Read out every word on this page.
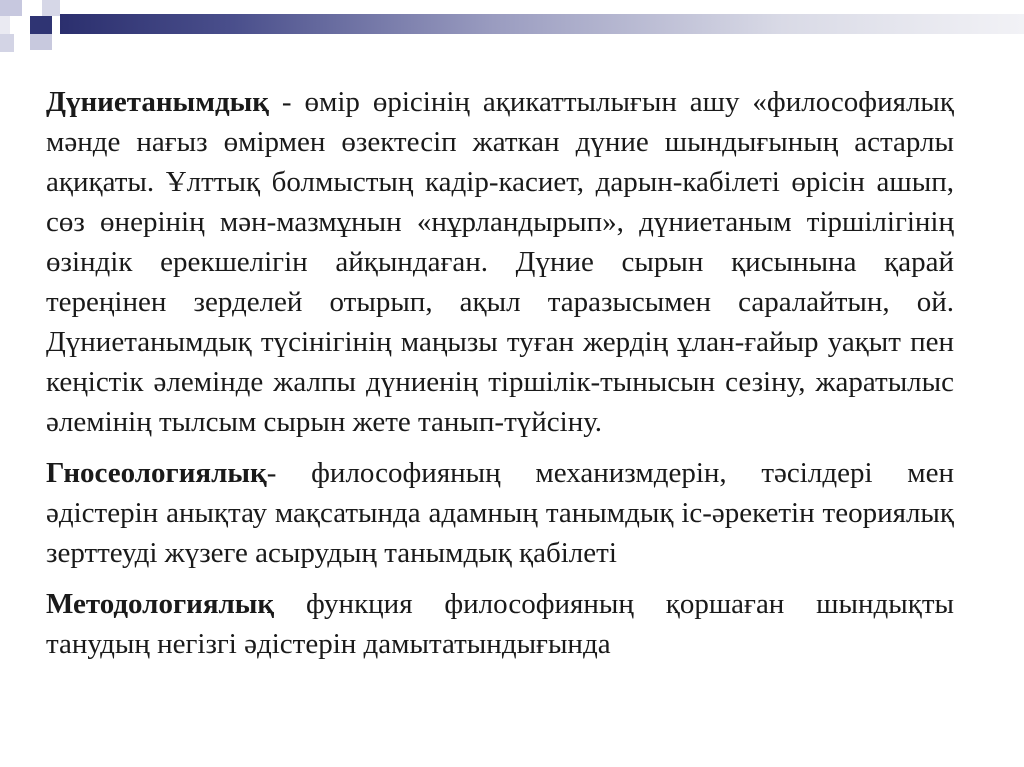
Дүниетанымдық - өмір өрісінің ақикаттылығын ашу «философиялық мәнде нағыз өмірмен өзектесіп жаткан дүние шындығының астарлы ақиқаты. Ұлттық болмыстың кадір-касиет, дарын-кабілеті өрісін ашып, сөз өнерінің мән-мазмұнын «нұрландырып», дүниетаным тіршілігінің өзіндік ерекшелігін айқындаған. Дүние сырын қисынына қарай тереңінен зерделей отырып, ақыл таразысымен саралайтын, ой. Дүниетанымдық түсінігінің маңызы туған жердің ұлан-ғайыр уақыт пен кеңістік әлемінде жалпы дүниенің тіршілік-тынысын сезіну, жаратылыс әлемінің тылсым сырын жете танып-түйсіну.

Гносеологиялық- философияның механизмдерін, тәсілдері мен әдістерін анықтау мақсатында адамның танымдық іс-әрекетін теориялық зерттеуді жүзеге асырудың танымдық қабілеті

Методологиялық функция философияның қоршаған шындықты танудың негізгі әдістерін дамытатындығында
